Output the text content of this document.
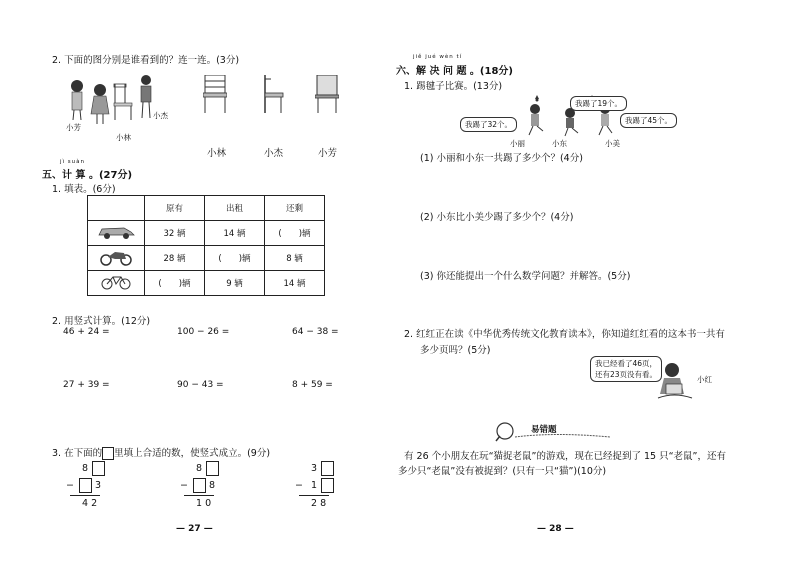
2. 下面的图分别是谁看到的？连一连。(3分)
小芳
小林
小杰
小林	小杰	小芳
jì suàn
五、计 算 。(27分)
1. 填表。(6分)
	原有	出租	还剩
	32 辆	14 辆	(　　)辆
	28 辆	(　　)辆	8 辆
	(　　)辆	9 辆	14 辆
2. 用竖式计算。(12分)
46 + 24 =	100 − 26 =	64 − 38 =
27 + 39 =	90 − 43 =	8 + 59 =
3. 在下面的 里填上合适的数，使竖式成立。(9分)
8
− 3
4 2
8
− 8
1 0
3
− 1
2 8
— 27 —
jiě jué wèn tí
六、解 决 问 题 。(18分)
1. 踢毽子比赛。(13分)
我踢了32个。
我踢了19个。
我踢了45个。
小丽	小东	小美
(1) 小丽和小东一共踢了多少个？(4分)
(2) 小东比小美少踢了多少个？(4分)
(3) 你还能提出一个什么数学问题？并解答。(5分)
2. 红红正在读《中华优秀传统文化教育读本》，你知道红红看的这本书一共有
多少页吗？(5分)
我已经看了46页，
还有23页没有看。
小红
易错题
有 26 个小朋友在玩“猫捉老鼠”的游戏，现在已经捉到了 15 只“老鼠”，还有
多少只“老鼠”没有被捉到？(只有一只“猫”)(10分)
— 28 —
